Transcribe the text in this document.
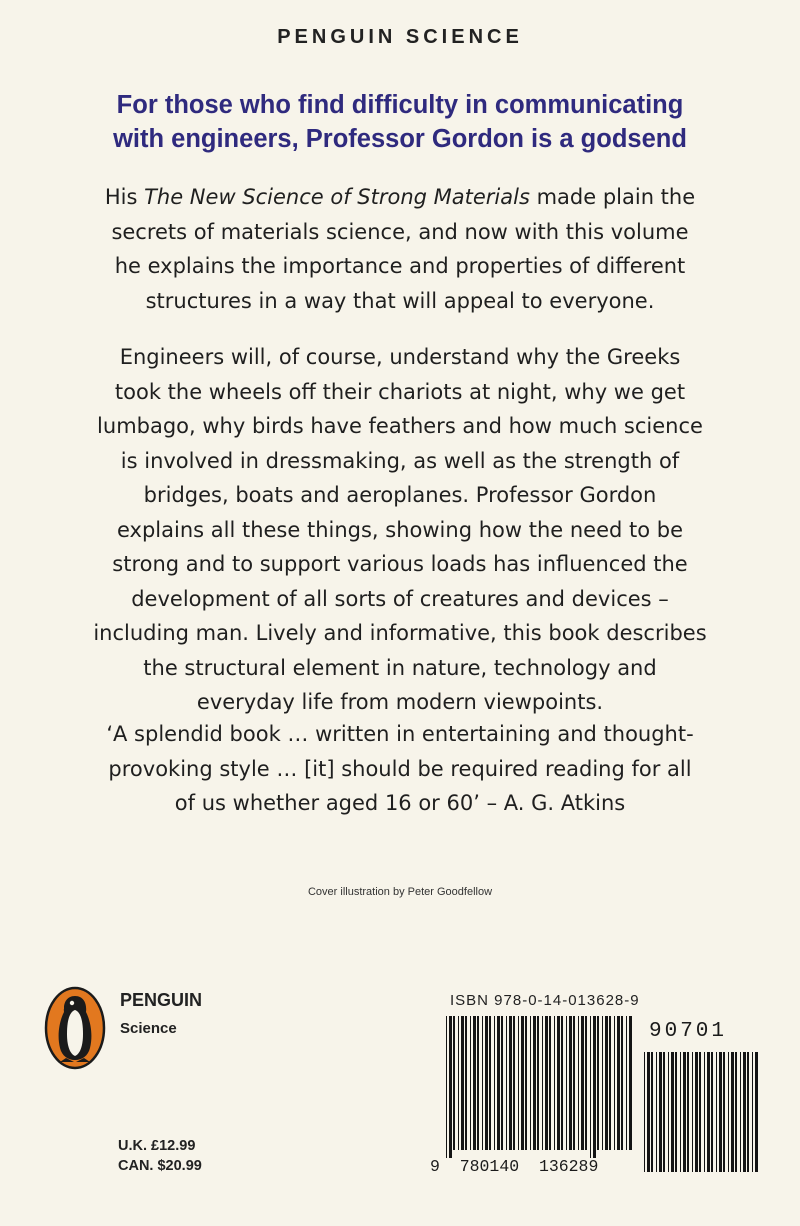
PENGUIN SCIENCE
For those who find difficulty in communicating
with engineers, Professor Gordon is a godsend
His The New Science of Strong Materials made plain the
secrets of materials science, and now with this volume
he explains the importance and properties of different
structures in a way that will appeal to everyone.
Engineers will, of course, understand why the Greeks
took the wheels off their chariots at night, why we get
lumbago, why birds have feathers and how much science
is involved in dressmaking, as well as the strength of
bridges, boats and aeroplanes. Professor Gordon
explains all these things, showing how the need to be
strong and to support various loads has influenced the
development of all sorts of creatures and devices –
including man. Lively and informative, this book describes
the structural element in nature, technology and
everyday life from modern viewpoints.
‘A splendid book … written in entertaining and thought-
provoking style … [it] should be required reading for all
of us whether aged 16 or 60’ – A. G. Atkins
Cover illustration by Peter Goodfellow
PENGUIN
Science
U.K. £12.99
CAN. $20.99
ISBN 978-0-14-013628-9
90701
9 780140 136289
